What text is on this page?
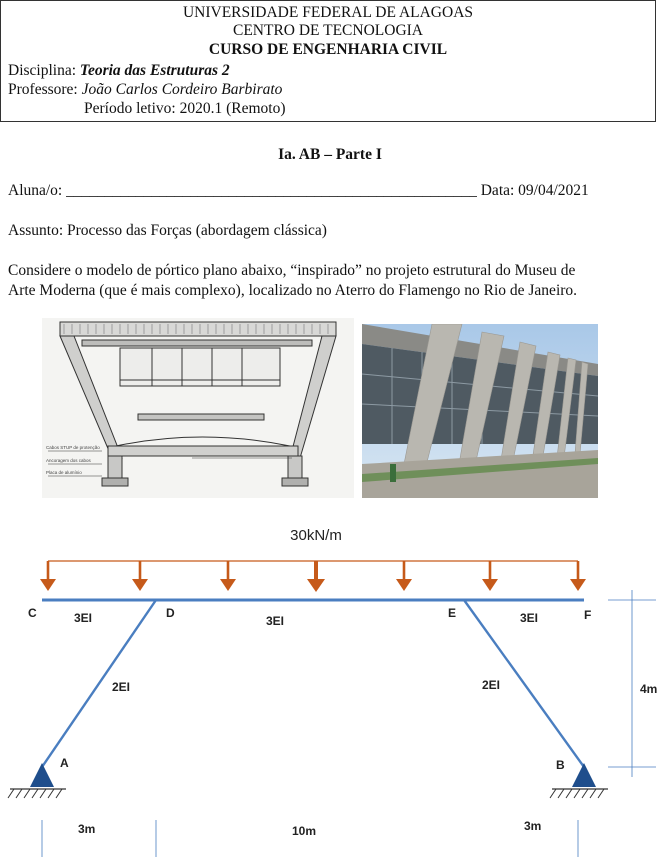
UNIVERSIDADE FEDERAL DE ALAGOAS
CENTRO DE TECNOLOGIA
CURSO DE ENGENHARIA CIVIL
Disciplina: Teoria das Estruturas 2
Professore: João Carlos Cordeiro Barbirato
Período letivo: 2020.1 (Remoto)
Ia. AB – Parte I
Aluna/o: _____________________________________________________ Data: 09/04/2021
Assunto: Processo das Forças (abordagem clássica)
Considere o modelo de pórtico plano abaixo, “inspirado” no projeto estrutural do Museu de
Arte Moderna (que é mais complexo), localizado no Aterro do Flamengo no Rio de Janeiro.
Cabos STUP de protenção
Ancoragem dos cabos
Placa de alumínio
30kN/m
C	D	E	F
A	B
3EI	3EI	3EI
2EI	2EI	4m
3m	10m	3m
